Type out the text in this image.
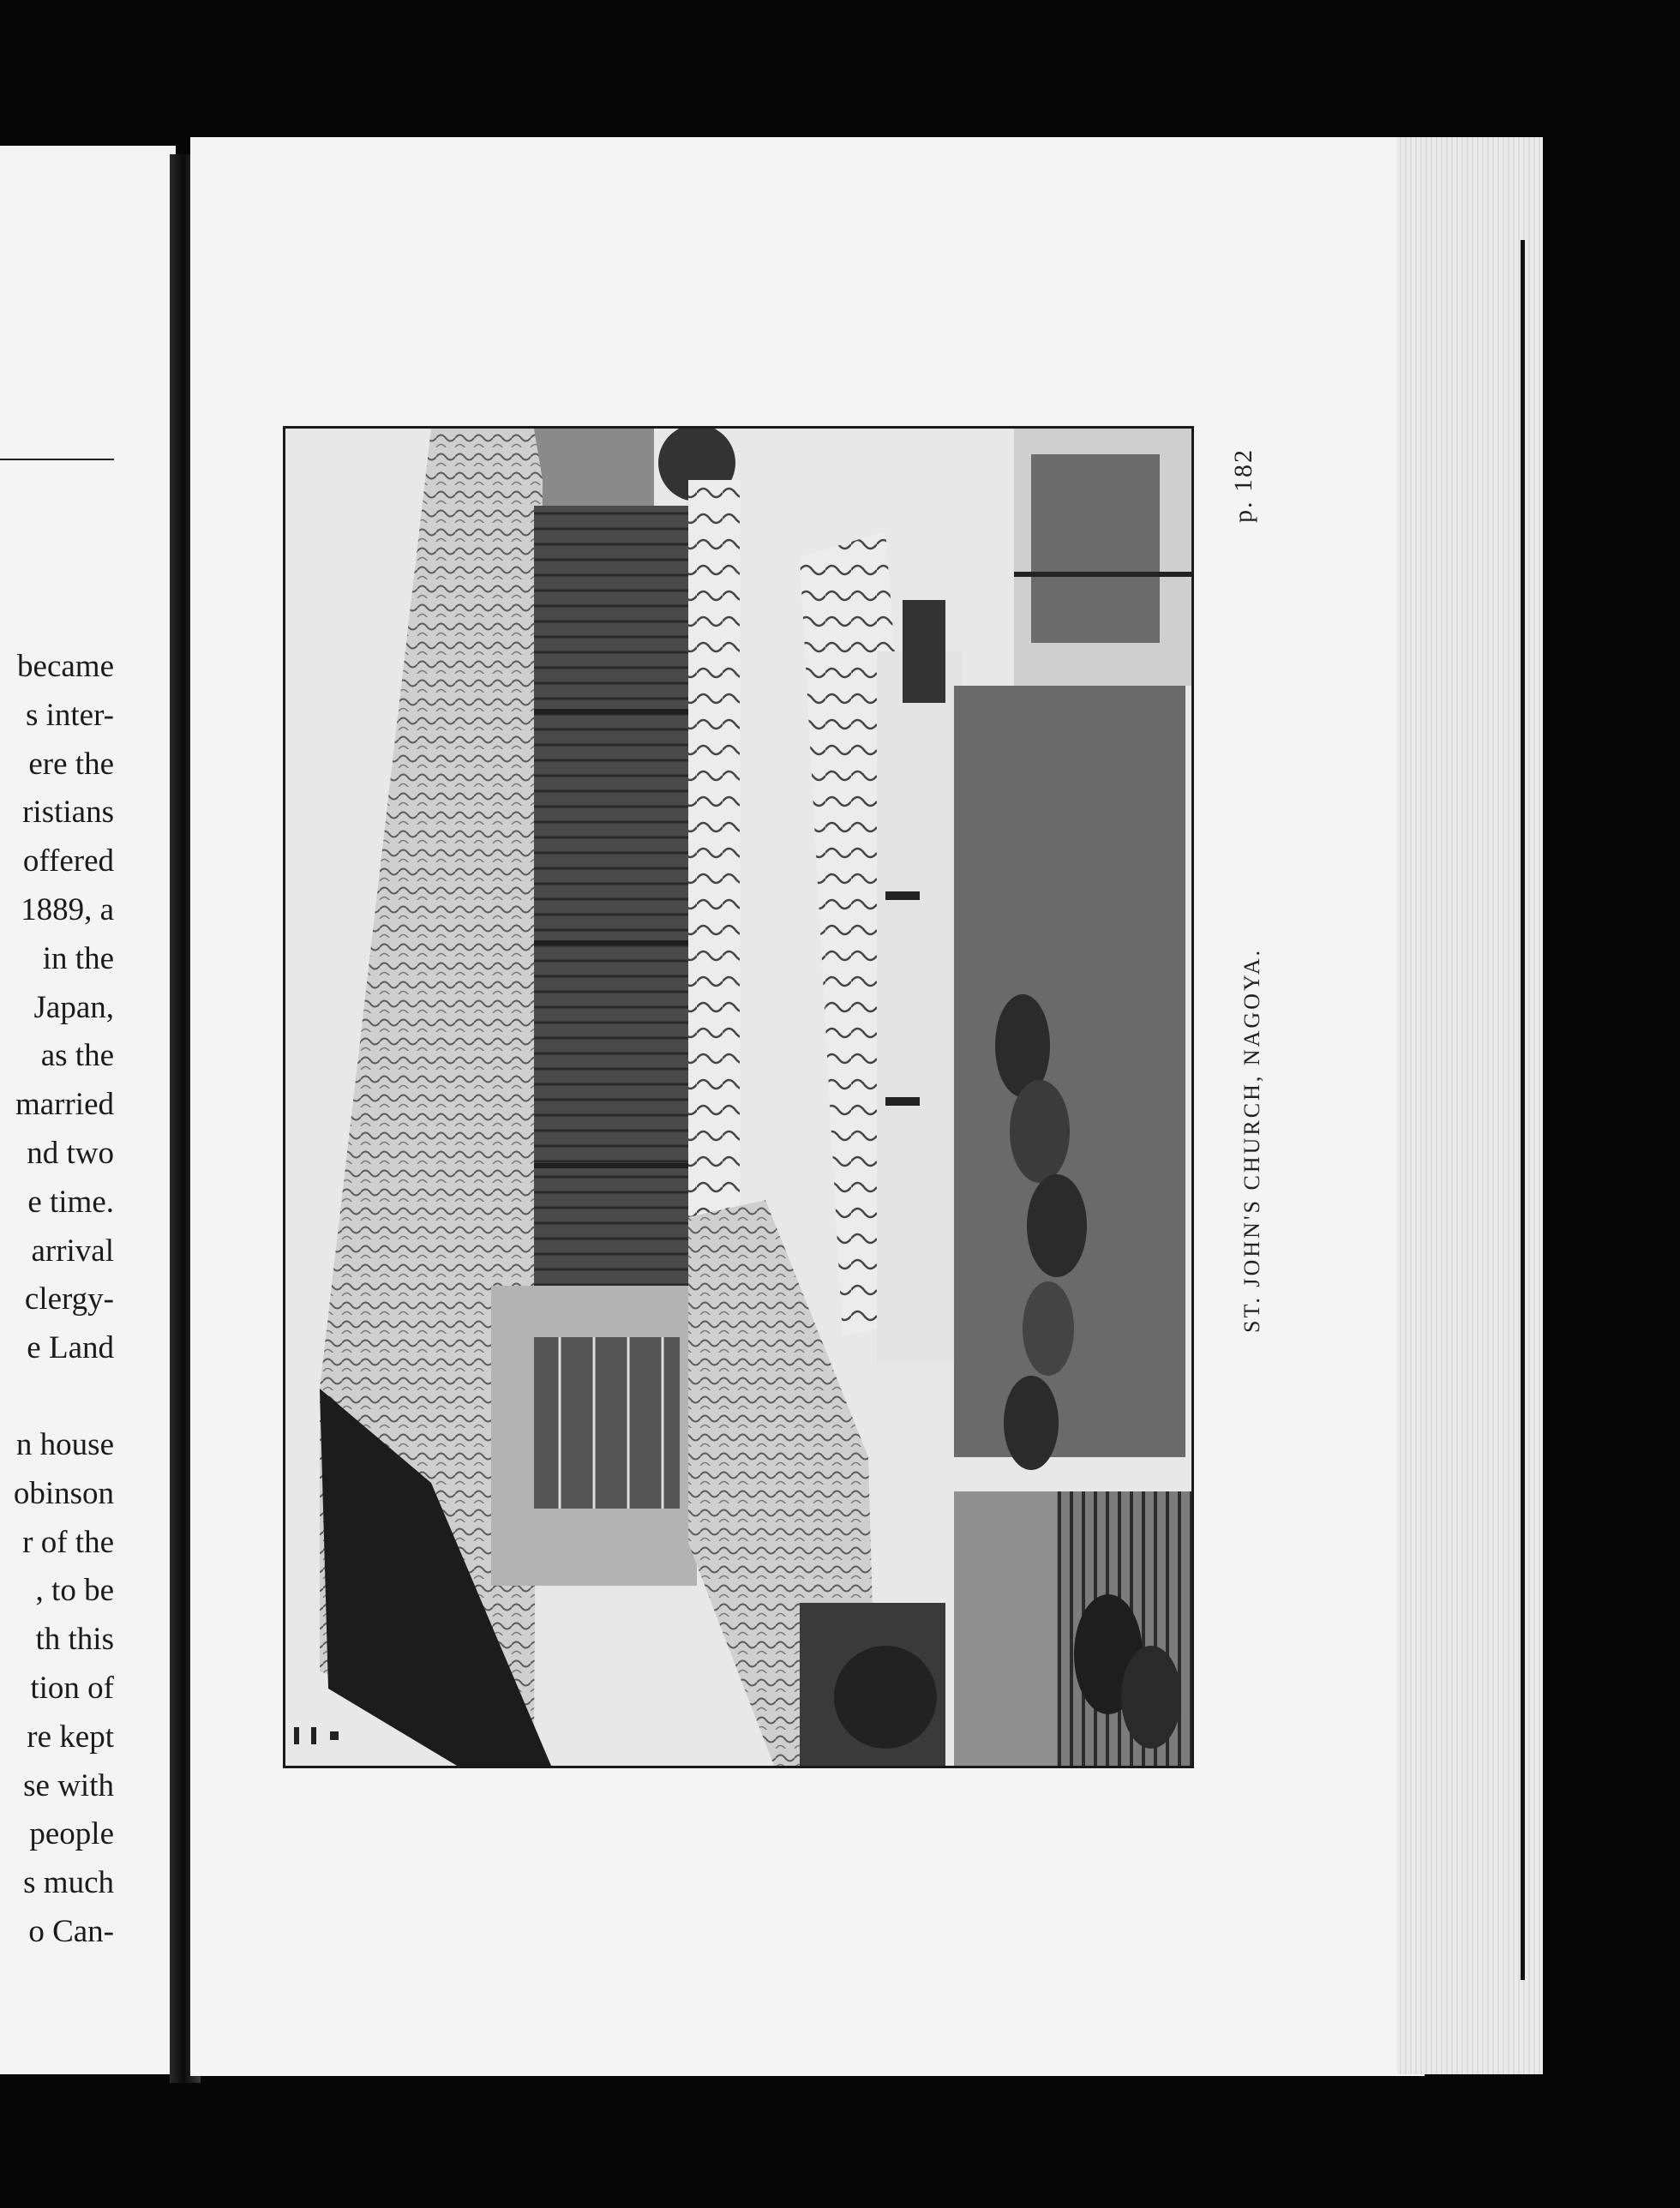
became
s inter-
ere the
ristians
offered
1889, a
in the
Japan,
as the
married
nd two
e time.
arrival
clergy-
e Land
n house
obinson
r of the
, to be
th this
tion of
re kept
se with
people
s much
o Can-
ST. JOHN'S CHURCH, NAGOYA.
p. 182
